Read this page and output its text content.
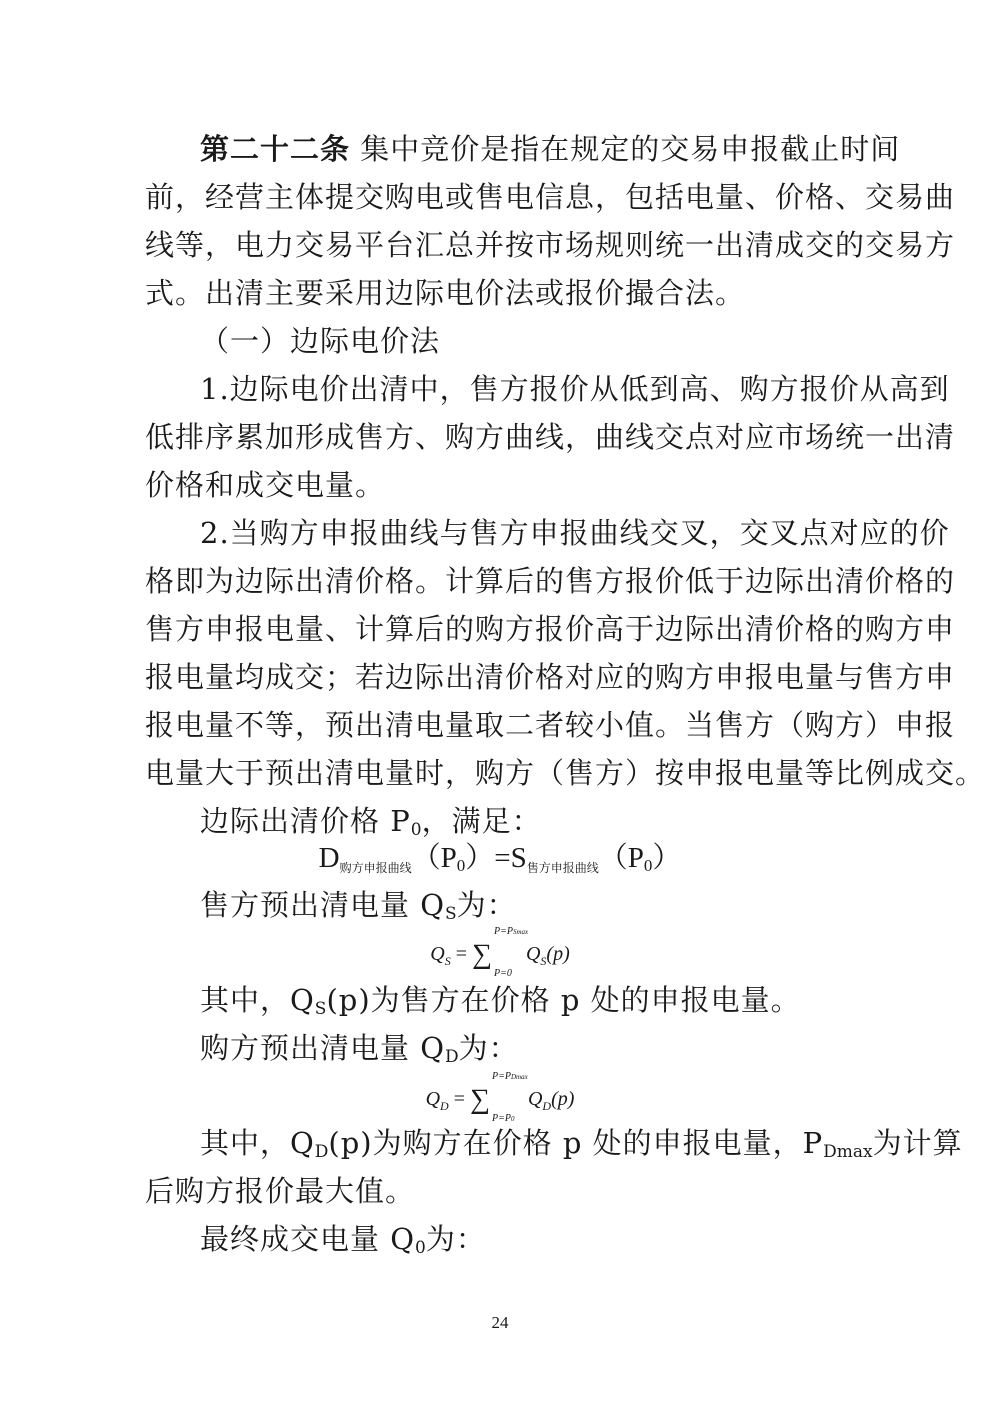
第二十二条 集中竞价是指在规定的交易申报截止时间
前，经营主体提交购电或售电信息，包括电量、价格、交易曲
线等，电力交易平台汇总并按市场规则统一出清成交的交易方
式。出清主要采用边际电价法或报价撮合法。
（一）边际电价法
1.边际电价出清中，售方报价从低到高、购方报价从高到
低排序累加形成售方、购方曲线，曲线交点对应市场统一出清
价格和成交电量。
2.当购方申报曲线与售方申报曲线交叉，交叉点对应的价
格即为边际出清价格。计算后的售方报价低于边际出清价格的
售方申报电量、计算后的购方报价高于边际出清价格的购方申
报电量均成交；若边际出清价格对应的购方申报电量与售方申
报电量不等，预出清电量取二者较小值。当售方（购方）申报
电量大于预出清电量时，购方（售方）按申报电量等比例成交。
边际出清价格 $P_0$，满足：
D购方申报曲线$(P_0)=S$售方申报曲线$(P_0)$
售方预出清电量 $Q_S$为：
$Q_S$ = ∑
P=PSmax
P=0
$Q_S(p)$
其中，$Q_S(p)$为售方在价格 p 处的申报电量。
购方预出清电量 $Q_D$为：
$Q_D$ = ∑
P=PDmax
P=P0
$Q_D(p)$
其中，$Q_D(p)$为购方在价格 p 处的申报电量，$P_{Dmax}$为计算
后购方报价最大值。
最终成交电量 $Q_0$为：
24
